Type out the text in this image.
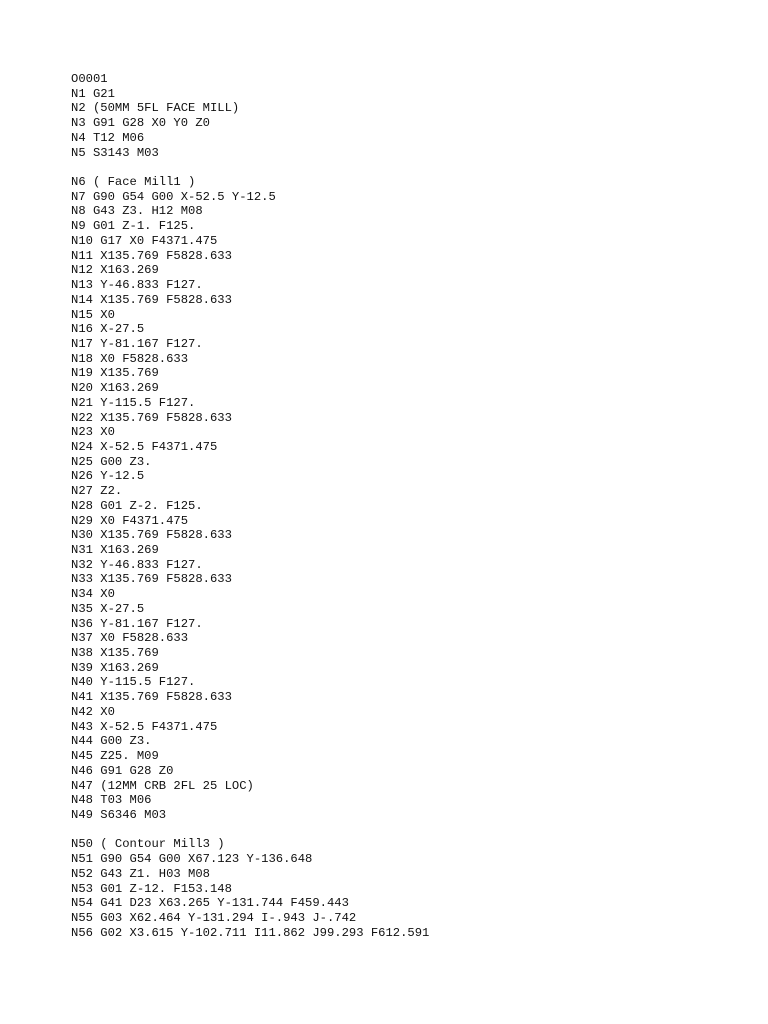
O0001
N1 G21
N2 (50MM 5FL FACE MILL)
N3 G91 G28 X0 Y0 Z0
N4 T12 M06
N5 S3143 M03
N6 ( Face Mill1 )
N7 G90 G54 G00 X-52.5 Y-12.5
N8 G43 Z3. H12 M08
N9 G01 Z-1. F125.
N10 G17 X0 F4371.475
N11 X135.769 F5828.633
N12 X163.269
N13 Y-46.833 F127.
N14 X135.769 F5828.633
N15 X0
N16 X-27.5
N17 Y-81.167 F127.
N18 X0 F5828.633
N19 X135.769
N20 X163.269
N21 Y-115.5 F127.
N22 X135.769 F5828.633
N23 X0
N24 X-52.5 F4371.475
N25 G00 Z3.
N26 Y-12.5
N27 Z2.
N28 G01 Z-2. F125.
N29 X0 F4371.475
N30 X135.769 F5828.633
N31 X163.269
N32 Y-46.833 F127.
N33 X135.769 F5828.633
N34 X0
N35 X-27.5
N36 Y-81.167 F127.
N37 X0 F5828.633
N38 X135.769
N39 X163.269
N40 Y-115.5 F127.
N41 X135.769 F5828.633
N42 X0
N43 X-52.5 F4371.475
N44 G00 Z3.
N45 Z25. M09
N46 G91 G28 Z0
N47 (12MM CRB 2FL 25 LOC)
N48 T03 M06
N49 S6346 M03
N50 ( Contour Mill3 )
N51 G90 G54 G00 X67.123 Y-136.648
N52 G43 Z1. H03 M08
N53 G01 Z-12. F153.148
N54 G41 D23 X63.265 Y-131.744 F459.443
N55 G03 X62.464 Y-131.294 I-.943 J-.742
N56 G02 X3.615 Y-102.711 I11.862 J99.293 F612.591
